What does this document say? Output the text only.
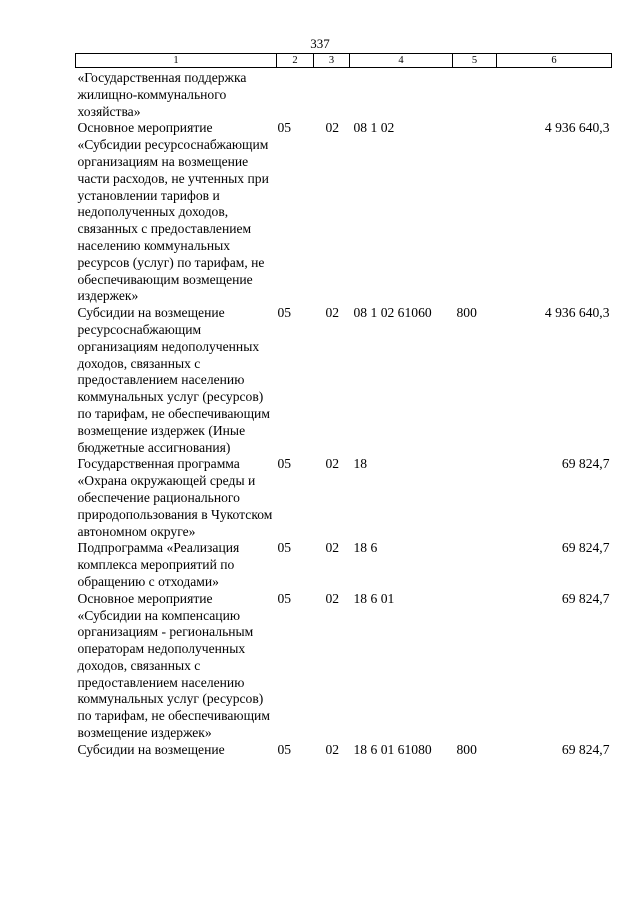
337
1	2	3	4	5	6
«Государственная поддержка жилищно-коммунального хозяйства»					
Основное мероприятие «Субсидии ресурсоснабжающим организациям на возмещение части расходов, не учтенных при установлении тарифов и недополученных доходов, связанных с предоставлением населению коммунальных ресурсов (услуг) по тарифам, не обеспечивающим возмещение издержек»	05	02	08 1 02		4 936 640,3
Субсидии на возмещение ресурсоснабжающим организациям недополученных доходов, связанных с предоставлением населению коммунальных услуг (ресурсов) по тарифам, не обеспечивающим возмещение издержек (Иные бюджетные ассигнования)	05	02	08 1 02 61060	800	4 936 640,3
Государственная программа «Охрана окружающей среды и обеспечение рационального природопользования в Чукотском автономном округе»	05	02	18		69 824,7
Подпрограмма «Реализация комплекса мероприятий по обращению с отходами»	05	02	18 6		69 824,7
Основное мероприятие «Субсидии на компенсацию организациям - региональным операторам недополученных доходов, связанных с предоставлением населению коммунальных услуг (ресурсов) по тарифам, не обеспечивающим возмещение издержек»	05	02	18 6 01		69 824,7
Субсидии на возмещение	05	02	18 6 01 61080	800	69 824,7
